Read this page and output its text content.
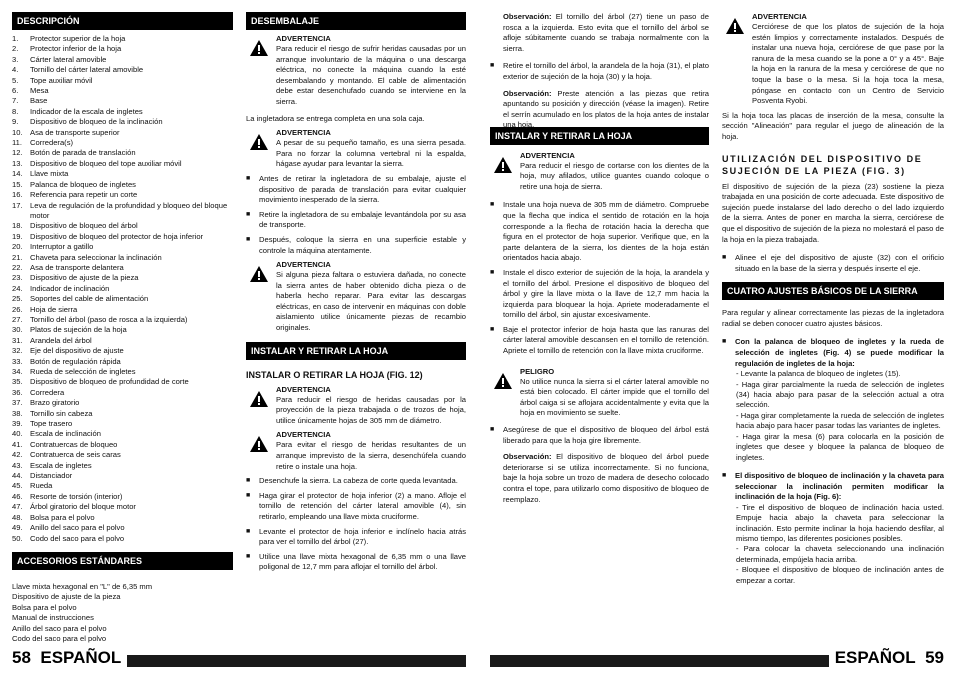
DESCRIPCIÓN
1.	Protector superior de la hoja
2.	Protector inferior de la hoja
3.	Cárter lateral amovible
4.	Tornillo del cárter lateral amovible
5.	Tope auxiliar móvil
6.	Mesa
7.	Base
8.	Indicador de la escala de ingletes
9.	Dispositivo de bloqueo de la inclinación
10. Asa de transporte superior
11.	Corredera(s)
12. Botón de parada de translación
13. Dispositivo de bloqueo del tope auxiliar móvil
14. Llave mixta
15. Palanca de bloqueo de ingletes
16. Referencia para repetir un corte
17. Leva de regulación de la profundidad y bloqueo del bloque motor
18. Dispositivo de bloqueo del árbol
19. Dispositivo de bloqueo del protector de hoja inferior
20. Interruptor a gatillo
21. Chaveta para seleccionar la inclinación
22. Asa de transporte delantera
23. Dispositivo de ajuste de la pieza
24. Indicador de inclinación
25. Soportes del cable de alimentación
26. Hoja de sierra
27. Tornillo del árbol (paso de rosca a la izquierda)
30. Platos de sujeción de la hoja
31. Arandela del árbol
32. Eje del dispositivo de ajuste
33. Botón de regulación rápida
34. Rueda de selección de ingletes
35. Dispositivo de bloqueo de profundidad de corte
36. Corredera
37. Brazo giratorio
38. Tornillo sin cabeza
39. Tope trasero
40. Escala de inclinación
41. Contratuercas de bloqueo
42. Contratuerca de seis caras
43. Escala de ingletes
44. Distanciador
45. Rueda
46. Resorte de torsión (interior)
47. Árbol giratorio del bloque motor
48. Bolsa para el polvo
49. Anillo del saco para el polvo
50. Codo del saco para el polvo
ACCESORIOS ESTÁNDARES
Llave mixta hexagonal en "L" de 6,35 mm
Dispositivo de ajuste de la pieza
Bolsa para el polvo
Manual de instrucciones
Anillo del saco para el polvo
Codo del saco para el polvo
DESEMBALAJE
ADVERTENCIA
Para reducir el riesgo de sufrir heridas causadas por un arranque involuntario de la máquina o una descarga eléctrica, no conecte la máquina cuando la esté desembalando y montando. El cable de alimentación debe estar desenchufado cuando se intervienе en la sierra.
La ingletadora se entrega completa en una sola caja.
ADVERTENCIA
A pesar de su pequeño tamaño, es una sierra pesada. Para no forzar la columna vertebral ni la espalda, hágase ayudar para levantar la sierra.
■	Antes de retirar la ingletadora de su embalaje, ajuste el dispositivo de parada de translación para evitar cualquier movimiento inesperado de la sierra.
■	Retire la ingletadora de su embalaje levantándola por su asa de transporte.
■	Después, coloque la sierra en una superficie estable y controle la máquina atentamente.
ADVERTENCIA
Si alguna pieza faltara o estuviera dañada, no conecte la sierra antes de haber obtenido dicha pieza o de haberla hecho reparar. Para evitar las descargas eléctricas, en caso de intervenir en máquinas con doble aislamiento utilice únicamente piezas de recambio originales.
INSTALAR Y RETIRAR LA HOJA
INSTALAR O RETIRAR LA HOJA (FIG. 12)
ADVERTENCIA
Para reducir el riesgo de heridas causadas por la proyección de la pieza trabajada o de trozos de hoja, utilice únicamente hojas de 305 mm de diámetro.
ADVERTENCIA
Para evitar el riesgo de heridas resultantes de un arranque imprevisto de la sierra, desenchúfela cuando retire o instale una hoja.
■	Desenchufe la sierra. La cabeza de corte queda levantada.
■	Haga girar el protector de hoja inferior (2) a mano. Afloje el tornillo de retención del cárter lateral amovible (4), sin retirarlo, empleando una llave mixta cruciforme.
■	Levante el protector de hoja inferior e inclínelo hacia atrás para ver el tornillo del árbol (27).
■	Utilice una llave mixta hexagonal de 6,35 mm o una llave poligonal de 12,7 mm para aflojar el tornillo del árbol.
Observación: El tornillo del árbol (27) tiene un paso de rosca a la izquierda. Esto evita que el tornillo del árbol se afloje súbitamente cuando se trabaja normalmente con la sierra.
■	Retire el tornillo del árbol, la arandela de la hoja (31), el plato exterior de sujeción de la hoja (30) y la hoja.
Observación: Preste atención a las piezas que retira apuntando su posición y dirección (véase la imagen). Retire el serrín acumulado en los platos de la hoja antes de instalar una hoja.
INSTALAR Y RETIRAR LA HOJA
ADVERTENCIA
Para reducir el riesgo de cortarse con los dientes de la hoja, muy afilados, utilice guantes cuando coloque o retire una hoja de sierra.
■	Instale una hoja nueva de 305 mm de diámetro. Compruebe que la flecha que indica el sentido de rotación en la hoja corresponde a la flecha de rotación hacia la derecha que figura en el protector de hoja superior. Verifique que, en la parte delantera de la sierra, los dientes de la hoja están orientados hacia abajo.
■	Instale el disco exterior de sujeción de la hoja, la arandela y el tornillo del árbol. Presione el dispositivo de bloqueo del árbol y gire la llave mixta o la llave de 12,7 mm hacia la izquierda para bloquear la hoja. Apriete moderadamente el tornillo del árbol, sin ajustar excesivamente.
■	Baje el protector inferior de hoja hasta que las ranuras del cárter lateral amovible descansen en el tornillo de retención. Apriete el tornillo de retención con la llave mixta cruciforme.
PELIGRO
No utilice nunca la sierra si el cárter lateral amovible no está bien colocado. El cárter impide que el tornillo del árbol caiga si se aflojara accidentalmente y evita que la hoja en movimiento se suelte.
■	Asegúrese de que el dispositivo de bloqueo del árbol está liberado para que la hoja gire libremente.
Observación: El dispositivo de bloqueo del árbol puede deteriorarse si se utiliza incorrectamente. Si no funciona, baje la hoja sobre un trozo de madera de desecho colocado contra el tope, para utilizarlo como dispositivo de bloqueo de reemplazo.
ADVERTENCIA
Cerciórese de que los platos de sujeción de la hoja estén limpios y correctamente instalados. Después de instalar una nueva hoja, cerciórese de que pase por la ranura de la mesa cuando se la pone a 0° y a 45°. Baje la hoja en la ranura de la mesa y cerciórese de que no toque la base o la mesa. Si la hoja toca la mesa, póngase en contacto con un Centro de Servicio Posventa Ryobi.
Si la hoja toca las placas de inserción de la mesa, consulte la sección "Alineación" para regular el juego de alineación de la hoja.
UTILIZACIÓN DEL DISPOSITIVO DE SUJECIÓN DE LA PIEZA (FIG. 3)
El dispositivo de sujeción de la pieza (23) sostiene la pieza trabajada en una posición de corte adecuada. Este dispositivo de sujeción puede instalarse del lado derecho o del lado izquierdo de la sierra. Antes de poner en marcha la sierra, cerciórese de que el dispositivo de sujeción de la pieza no molestará el paso de la hoja en la pieza trabajada.
■	Alinee el eje del dispositivo de ajuste (32) con el orificio situado en la base de la sierra y después inserte el eje.
CUATRO AJUSTES BÁSICOS DE LA SIERRA
Para regular y alinear correctamente las piezas de la ingletadora radial se deben conocer cuatro ajustes básicos.
■	Con la palanca de bloqueo de ingletes y la rueda de selección de ingletes (Fig. 4) se puede modificar la regulación de ingletes de la hoja:
- Levante la palanca de bloqueo de ingletes (15).
- Haga girar parcialmente la rueda de selección de ingletes (34) hacia abajo para pasar de la selección actual a otra selección.
- Haga girar completamente la rueda de selección de ingletes hacia abajo para hacer pasar todas las variantes de ingletes.
- Haga girar la mesa (6) para colocarla en la posición de ingletes que desee y bloquee la palanca de bloqueo de ingletes.
■	El dispositivo de bloqueo de inclinación y la chaveta para seleccionar la inclinación permiten modificar la inclinación de la hoja (Fig. 6):
- Tire el dispositivo de bloqueo de inclinación hacia usted. Empuje hacia abajo la chaveta para seleccionar la inclinación. Esto permite inclinar la hoja haciendo desfilar, al mismo tiempo, las diferentes posiciones posibles.
- Para colocar la chaveta seleccionando una inclinación determinada, empújela hacia arriba.
- Bloquee el dispositivo de bloqueo de inclinación antes de empezar a cortar.
58 ESPAÑOL	ESPAÑOL 59
